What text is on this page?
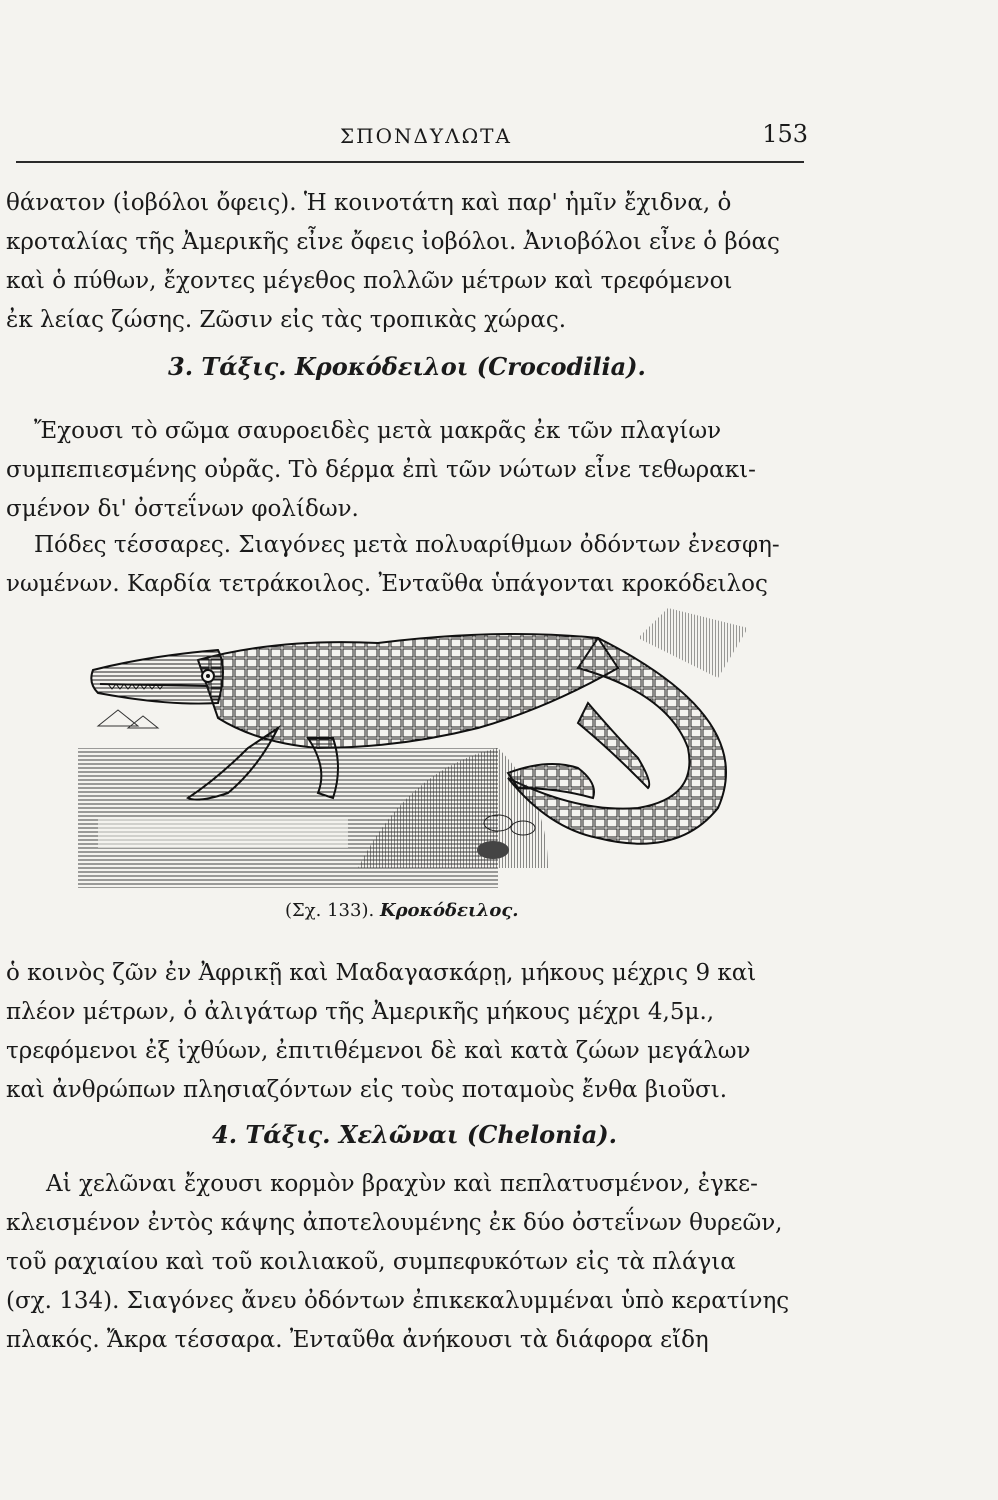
ΣΠΟΝΔΥΛΩΤΑ	153
θάνατον (ἰοβόλοι ὄφεις). Ἡ κοινοτάτη καὶ παρ' ἡμῖν ἔχιδνα, ὁ
κροταλίας τῆς Ἀμερικῆς εἶνε ὄφεις ἰοβόλοι. Ἀνιοβόλοι εἶνε ὁ βόας
καὶ ὁ πύθων, ἔχοντες μέγεθος πολλῶν μέτρων καὶ τρεφόμενοι
ἐκ λείας ζώσης. Ζῶσιν εἰς τὰς τροπικὰς χώρας.
3. Τάξις. Κροκόδειλοι (Crocodilia).
Ἔχουσι τὸ σῶμα σαυροειδὲς μετὰ μακρᾶς ἐκ τῶν πλαγίων
συμπεπιεσμένης οὐρᾶς. Τὸ δέρμα ἐπὶ τῶν νώτων εἶνε τεθωρακι-
σμένον δι' ὀστεΐνων φολίδων.
Πόδες τέσσαρες. Σιαγόνες μετὰ πολυαρίθμων ὀδόντων ἐνεσφη-
νωμένων. Καρδία τετράκοιλος. Ἐνταῦθα ὑπάγονται κροκόδειλος
(Σχ. 133). Κροκόδειλος.
ὁ κοινὸς ζῶν ἐν Ἀφρικῇ καὶ Μαδαγασκάρῃ, μήκους μέχρις 9 καὶ
πλέον μέτρων, ὁ ἀλιγάτωρ τῆς Ἀμερικῆς μήκους μέχρι 4,5μ.,
τρεφόμενοι ἐξ ἰχθύων, ἐπιτιθέμενοι δὲ καὶ κατὰ ζώων μεγάλων
καὶ ἀνθρώπων πλησιαζόντων εἰς τοὺς ποταμοὺς ἔνθα βιοῦσι.
4. Τάξις. Χελῶναι (Chelonia).
Αἱ χελῶναι ἔχουσι κορμὸν βραχὺν καὶ πεπλατυσμένον, ἐγκε-
κλεισμένον ἐντὸς κάψης ἀποτελουμένης ἐκ δύο ὀστεΐνων θυρεῶν,
τοῦ ραχιαίου καὶ τοῦ κοιλιακοῦ, συμπεφυκότων εἰς τὰ πλάγια
(σχ. 134). Σιαγόνες ἄνευ ὀδόντων ἐπικεκαλυμμέναι ὑπὸ κερατίνης
πλακός. Ἄκρα τέσσαρα. Ἐνταῦθα ἀνήκουσι τὰ διάφορα εἴδη
